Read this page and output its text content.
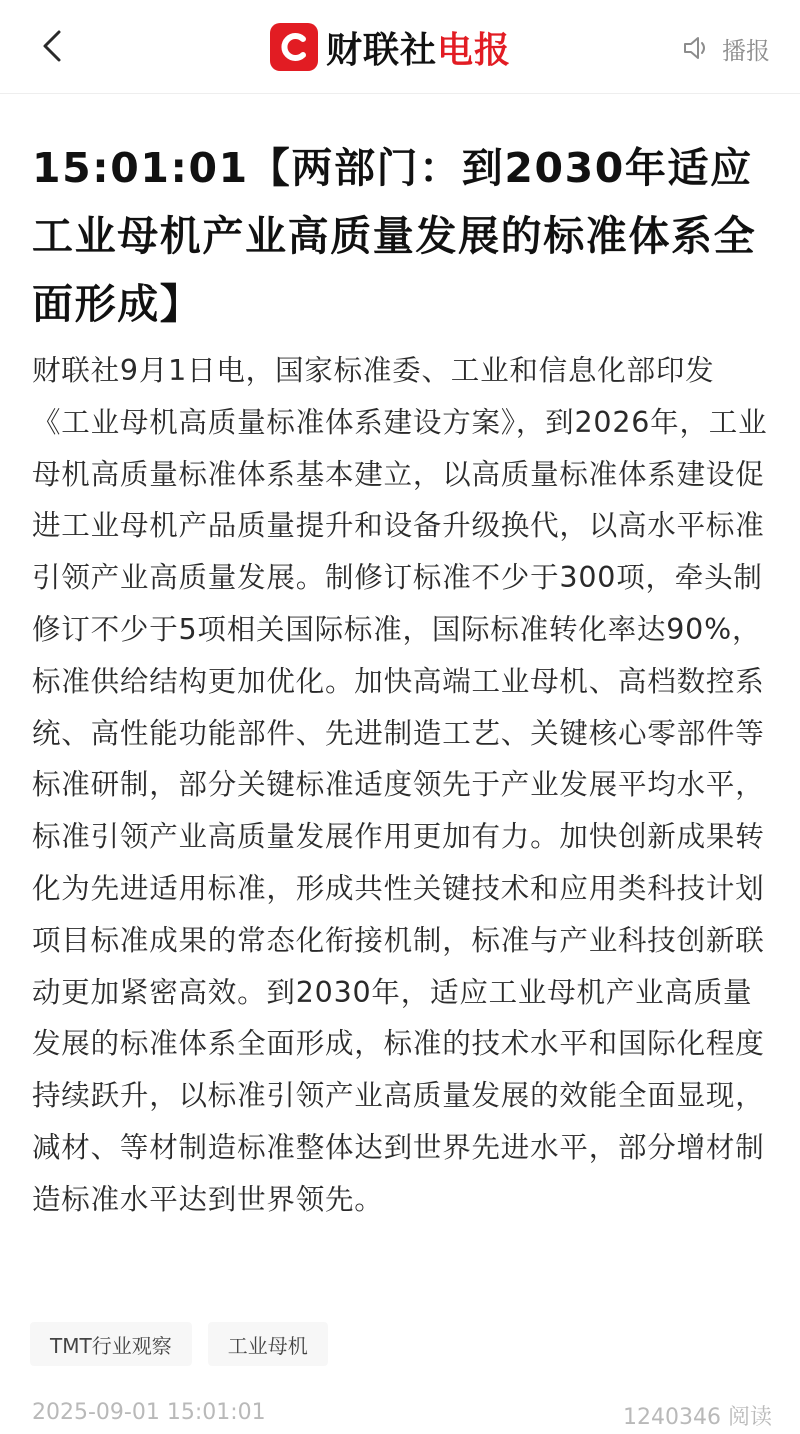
财联社电报	播报
15:01:01【两部门：到2030年适应工业母机产业高质量发展的标准体系全面形成】

财联社9月1日电，国家标准委、工业和信息化部印发《工业母机高质量标准体系建设方案》，到2026年，工业母机高质量标准体系基本建立，以高质量标准体系建设促进工业母机产品质量提升和设备升级换代，以高水平标准引领产业高质量发展。制修订标准不少于300项，牵头制修订不少于5项相关国际标准，国际标准转化率达90%，标准供给结构更加优化。加快高端工业母机、高档数控系统、高性能功能部件、先进制造工艺、关键核心零部件等标准研制，部分关键标准适度领先于产业发展平均水平，标准引领产业高质量发展作用更加有力。加快创新成果转化为先进适用标准，形成共性关键技术和应用类科技计划项目标准成果的常态化衔接机制，标准与产业科技创新联动更加紧密高效。到2030年，适应工业母机产业高质量发展的标准体系全面形成，标准的技术水平和国际化程度持续跃升，以标准引领产业高质量发展的效能全面显现，减材、等材制造标准整体达到世界先进水平，部分增材制造标准水平达到世界领先。

TMT行业观察	工业母机
2025-09-01 15:01:01	1240346 阅读
